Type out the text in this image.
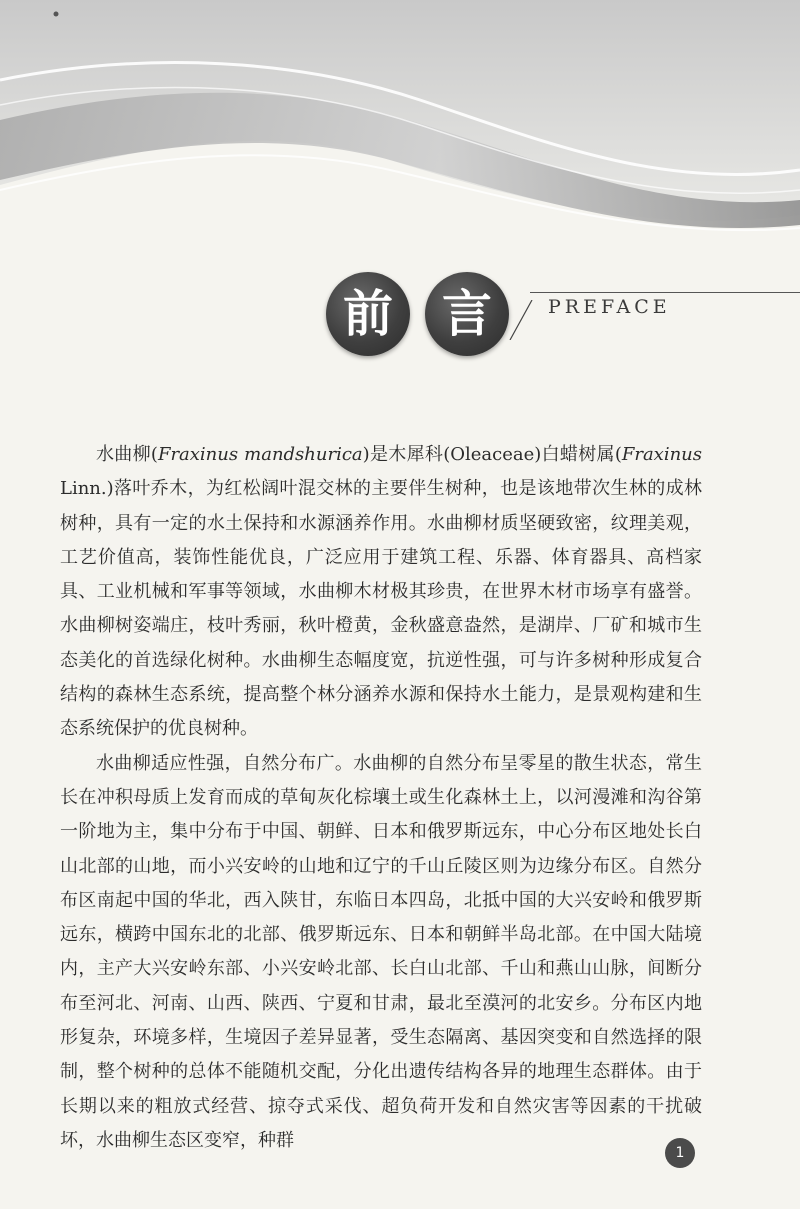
前 言	PREFACE

水曲柳(Fraxinus mandshurica)是木犀科(Oleaceae)白蜡树属(Fraxinus Linn.)落叶乔木，为红松阔叶混交林的主要伴生树种，也是该地带次生林的成林树种，具有一定的水土保持和水源涵养作用。水曲柳材质坚硬致密，纹理美观，工艺价值高，装饰性能优良，广泛应用于建筑工程、乐器、体育器具、高档家具、工业机械和军事等领域，水曲柳木材极其珍贵，在世界木材市场享有盛誉。水曲柳树姿端庄，枝叶秀丽，秋叶橙黄，金秋盛意盎然，是湖岸、厂矿和城市生态美化的首选绿化树种。水曲柳生态幅度宽，抗逆性强，可与许多树种形成复合结构的森林生态系统，提高整个林分涵养水源和保持水土能力，是景观构建和生态系统保护的优良树种。

水曲柳适应性强，自然分布广。水曲柳的自然分布呈零星的散生状态，常生长在冲积母质上发育而成的草甸灰化棕壤土或生化森林土上，以河漫滩和沟谷第一阶地为主，集中分布于中国、朝鲜、日本和俄罗斯远东，中心分布区地处长白山北部的山地，而小兴安岭的山地和辽宁的千山丘陵区则为边缘分布区。自然分布区南起中国的华北，西入陕甘，东临日本四岛，北抵中国的大兴安岭和俄罗斯远东，横跨中国东北的北部、俄罗斯远东、日本和朝鲜半岛北部。在中国大陆境内，主产大兴安岭东部、小兴安岭北部、长白山北部、千山和燕山山脉，间断分布至河北、河南、山西、陕西、宁夏和甘肃，最北至漠河的北安乡。分布区内地形复杂，环境多样，生境因子差异显著，受生态隔离、基因突变和自然选择的限制，整个树种的总体不能随机交配，分化出遗传结构各异的地理生态群体。由于长期以来的粗放式经营、掠夺式采伐、超负荷开发和自然灾害等因素的干扰破坏，水曲柳生态区变窄，种群

1
